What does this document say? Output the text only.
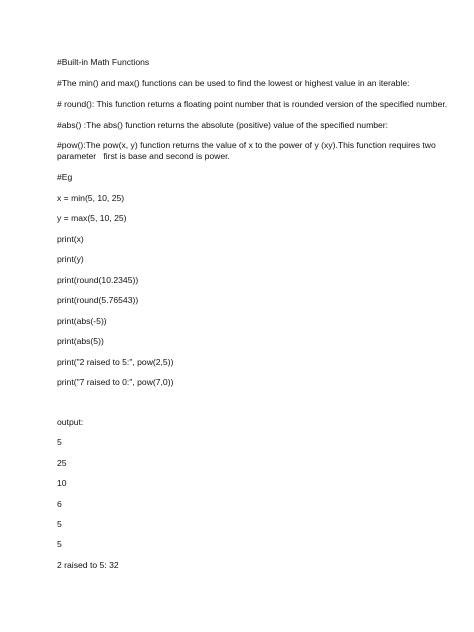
#Built-in Math Functions
#The min() and max() functions can be used to find the lowest or highest value in an iterable:
# round(): This function returns a floating point number that is rounded version of the specified number.
#abs() :The abs() function returns the absolute (positive) value of the specified number:
#pow():The pow(x, y) function returns the value of x to the power of y (xy).This function requires two
parameter   first is base and second is power.
#Eg
x = min(5, 10, 25)
y = max(5, 10, 25)
print(x)
print(y)
print(round(10.2345))
print(round(5.76543))
print(abs(-5))
print(abs(5))
print("2 raised to 5:", pow(2,5))
print("7 raised to 0:", pow(7,0))
output:
5
25
10
6
5
5
2 raised to 5: 32
